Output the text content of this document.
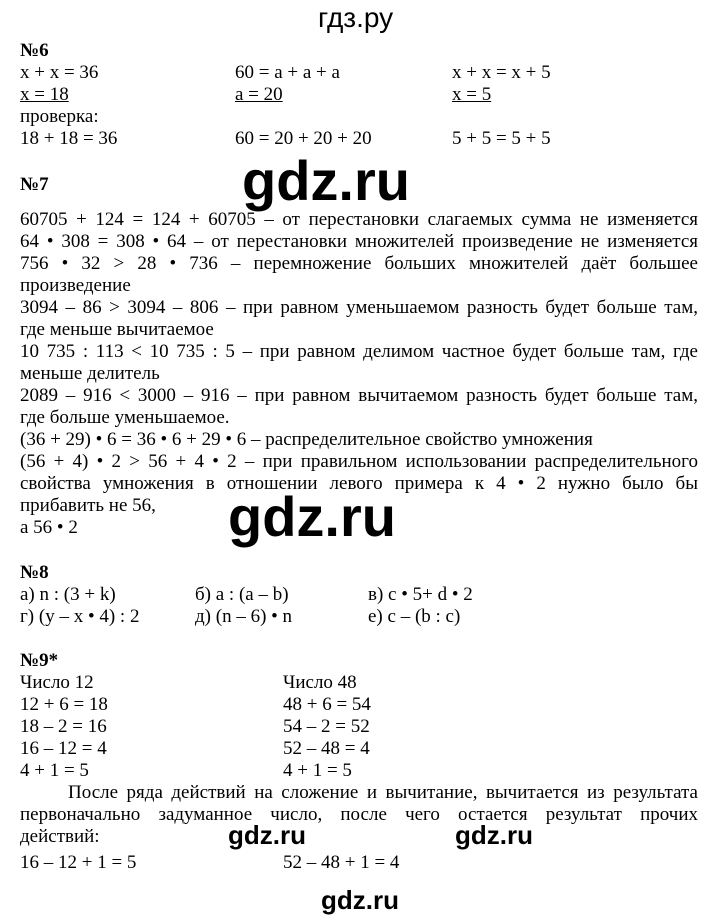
гдз.ру
№6
x + x = 36	60 = a + a + a	x + x = x + 5
x = 18	a = 20	x = 5
проверка:
18 + 18 = 36	60 = 20 + 20 + 20	5 + 5 = 5 + 5
gdz.ru
№7
60705 + 124 = 124 + 60705 – от перестановки слагаемых сумма не изменяется
64 • 308 = 308 • 64 – от перестановки множителей произведение не изменяется
756 • 32 > 28 • 736 – перемножение больших множителей даёт большее
произведение
3094 – 86 > 3094 – 806 – при равном уменьшаемом разность будет больше там,
где меньше вычитаемое
10 735 : 113 < 10 735 : 5 – при равном делимом частное будет больше там, где
меньше делитель
2089 – 916 < 3000 – 916 – при равном вычитаемом разность будет больше там,
где больше уменьшаемое.
(36 + 29) • 6 = 36 • 6 + 29 • 6 – распределительное свойство умножения
(56 + 4) • 2 > 56 + 4 • 2 – при правильном использовании распределительного
свойства умножения в отношении левого примера к 4 • 2 нужно было бы
прибавить не 56,
а 56 • 2	gdz.ru
№8
а) n : (3 + k)	б) a : (a – b)	в) c • 5+ d • 2
г) (y – x • 4) : 2	д) (n – 6) • n	е) c – (b : c)
№9*
Число 12	Число 48
12 + 6 = 18	48 + 6 = 54
18 – 2 = 16	54 – 2 = 52
16 – 12 = 4	52 – 48 = 4
4 + 1 = 5	4 + 1 = 5
После ряда действий на сложение и вычитание, вычитается из результата
первоначально задуманное число, после чего остается результат прочих
действий:	gdz.ru	gdz.ru
16 – 12 + 1 = 5	52 – 48 + 1 = 4
gdz.ru
